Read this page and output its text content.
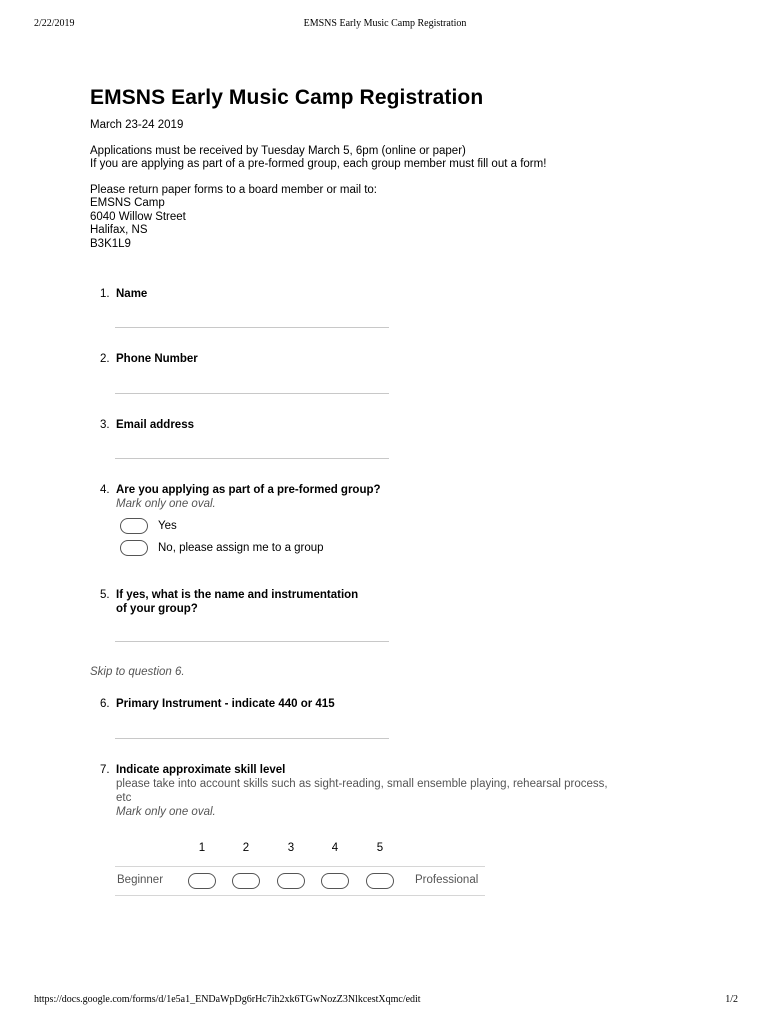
2/22/2019	EMSNS Early Music Camp Registration
EMSNS Early Music Camp Registration

March 23-24 2019

Applications must be received by Tuesday March 5, 6pm (online or paper)

If you are applying as part of a pre-formed group, each group member must fill out a form!

Please return paper forms to a board member or mail to:

EMSNS Camp

6040 Willow Street

Halifax, NS

B3K1L9

1. Name
2. Phone Number
3. Email address
4. Are you applying as part of a pre-formed group?
Mark only one oval.
Yes
No, please assign me to a group
5. If yes, what is the name and instrumentation
of your group?
Skip to question 6.
6. Primary Instrument - indicate 440 or 415
7. Indicate approximate skill level
please take into account skills such as sight-reading, small ensemble playing, rehearsal process,
etc
Mark only one oval.
1	2	3	4	5
Beginner	Professional
https://docs.google.com/forms/d/1e5a1_ENDaWpDg6rHc7ih2xk6TGwNozZ3NlkcestXqmc/edit	1/2
